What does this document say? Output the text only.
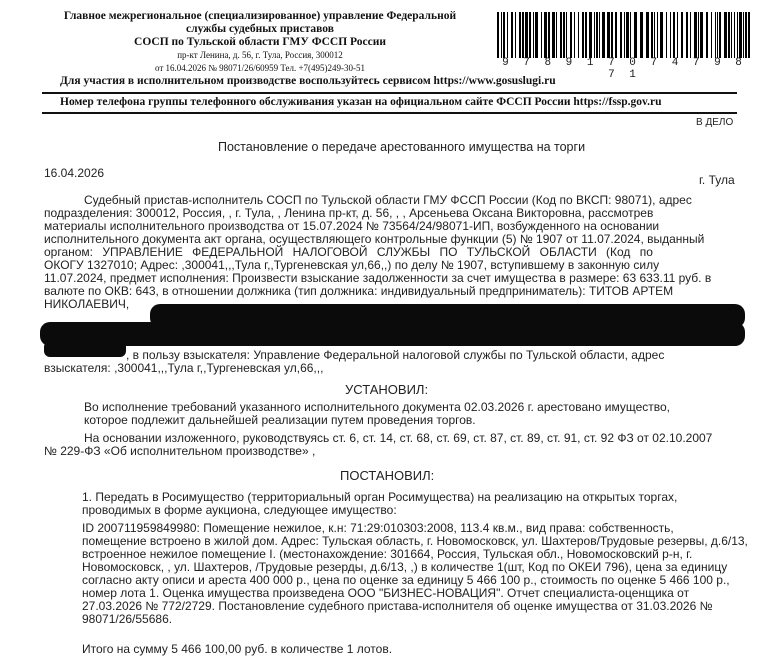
Главное межрегиональное (специализированное) управление Федеральной
службы судебных приставов
СОСП по Тульской области ГМУ ФССП России
пр-кт Ленина, д. 56, г. Тула, Россия, 300012
от 16.04.2026 № 98071/26/60959 Тел. +7(495)249-30-51	9 7 8 9 1 7 0 7 4 7 9 8 7 1
Для участия в исполнительном производстве воспользуйтесь сервисом https://www.gosuslugi.ru
Номер телефона группы телефонного обслуживания указан на официальном сайте ФССП России https://fssp.gov.ru
В ДЕЛО
Постановление о передаче арестованного имущества на торги
16.04.2026	г. Тула
Судебный пристав-исполнитель СОСП по Тульской области ГМУ ФССП России (Код по ВКСП: 98071), адрес
подразделения: 300012, Россия, , г. Тула, , Ленина пр-кт, д. 56, , , Арсеньева Оксана Викторовна, рассмотрев
материалы исполнительного производства от 15.07.2024 № 73564/24/98071-ИП, возбужденного на основании
исполнительного документа акт органа, осуществляющего контрольные функции (5) № 1907 от 11.07.2024, выданный
органом: УПРАВЛЕНИЕ ФЕДЕРАЛЬНОЙ НАЛОГОВОЙ СЛУЖБЫ ПО ТУЛЬСКОЙ ОБЛАСТИ (Код по
ОКОГУ 1327010; Адрес: ,300041,,,Тула г,,Тургеневская ул,66,,) по делу № 1907, вступившему в законную силу
11.07.2024, предмет исполнения: Произвести взыскание задолженности за счет имущества в размере: 63 633.11 руб. в
валюте по ОКВ: 643, в отношении должника (тип должника: индивидуальный предприниматель): ТИТОВ АРТЕМ
НИКОЛАЕВИЧ,
, в пользу взыскателя: Управление Федеральной налоговой службы по Тульской области, адрес
взыскателя: ,300041,,,Тула г,,Тургеневская ул,66,,,
УСТАНОВИЛ:
Во исполнение требований указанного исполнительного документа 02.03.2026 г. арестовано имущество,
которое подлежит дальнейшей реализации путем проведения торгов.
На основании изложенного, руководствуясь ст. 6, ст. 14, ст. 68, ст. 69, ст. 87, ст. 89, ст. 91, ст. 92 ФЗ от 02.10.2007
№ 229-ФЗ «Об исполнительном производстве» ,
ПОСТАНОВИЛ:
1. Передать в Росимущество (территориальный орган Росимущества) на реализацию на открытых торгах,
проводимых в форме аукциона, следующее имущество:
ID 200711959849980: Помещение нежилое, к.н: 71:29:010303:2008, 113.4 кв.м., вид права: собственность,
помещение встроено в жилой дом. Адрес: Тульская область, г. Новомосковск, ул. Шахтеров/Трудовые резервы, д.6/13,
встроенное нежилое помещение I. (местонахождение: 301664, Россия, Тульская обл., Новомосковский р-н, г.
Новомосковск, , ул. Шахтеров, /Трудовые резерды, д.6/13, ,) в количестве 1(шт, Код по ОКЕИ 796), цена за единицу
согласно акту описи и ареста 400 000 р., цена по оценке за единицу 5 466 100 р., стоимость по оценке 5 466 100 р.,
номер лота 1. Оценка имущества произведена ООО "БИЗНЕС-НОВАЦИЯ". Отчет специалиста-оценщика от
27.03.2026 № 772/2729. Постановление судебного пристава-исполнителя об оценке имущества от 31.03.2026 №
98071/26/55686.
Итого на сумму 5 466 100,00 руб. в количестве 1 лотов.
